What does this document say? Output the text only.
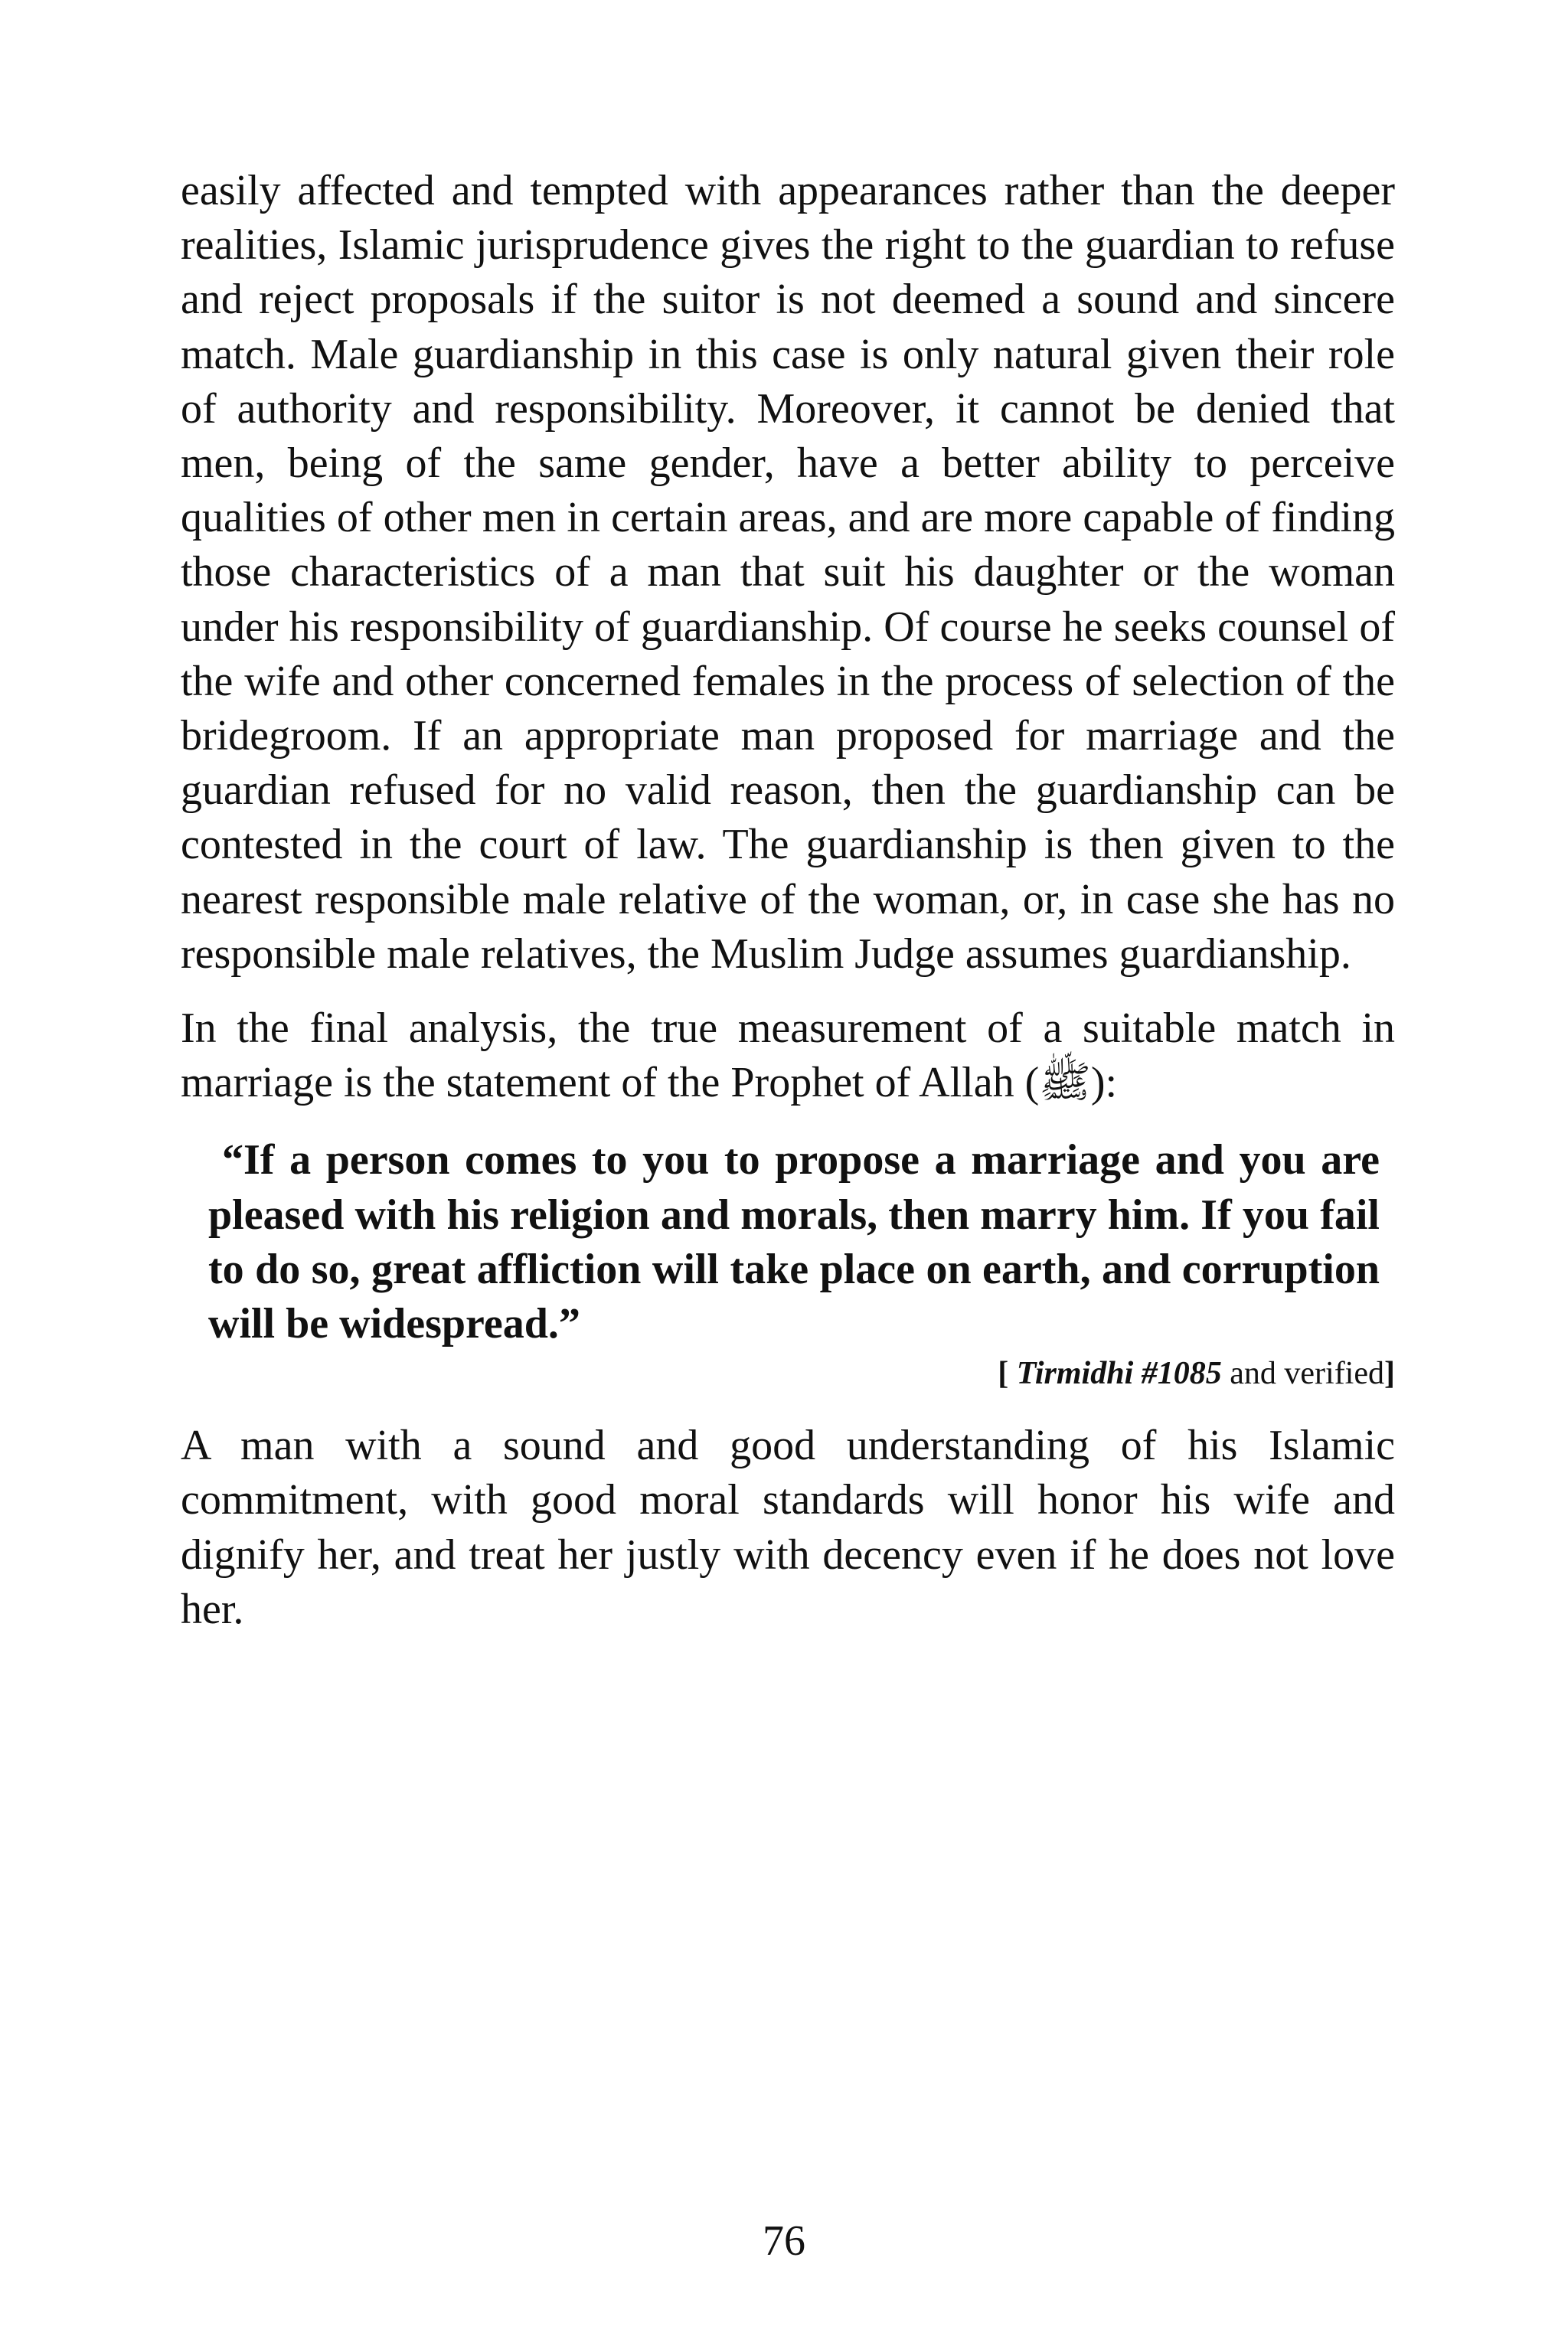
easily affected and tempted with appearances rather than the deeper realities, Islamic jurisprudence gives the right to the guardian to refuse and reject proposals if the suitor is not deemed a sound and sincere match. Male guardianship in this case is only natural given their role of authority and responsibility. Moreover, it cannot be denied that men, being of the same gender, have a better ability to perceive qualities of other men in certain areas, and are more capable of finding those characteristics of a man that suit his daughter or the woman under his responsibility of guardianship. Of course he seeks counsel of the wife and other concerned females in the process of selection of the bridegroom. If an appropriate man proposed for marriage and the guardian refused for no valid reason, then the guardianship can be contested in the court of law. The guardianship is then given to the nearest responsible male relative of the woman, or, in case she has no responsible male relatives, the Muslim Judge assumes guardianship.

In the final analysis, the true measurement of a suitable match in marriage is the statement of the Prophet of Allah (ﷺ):

“If a person comes to you to propose a marriage and you are pleased with his religion and morals, then marry him. If you fail to do so, great affliction will take place on earth, and corruption will be widespread.”
[ Tirmidhi #1085 and verified]

A man with a sound and good understanding of his Islamic commitment, with good moral standards will honor his wife and dignify her, and treat her justly with decency even if he does not love her.

76
